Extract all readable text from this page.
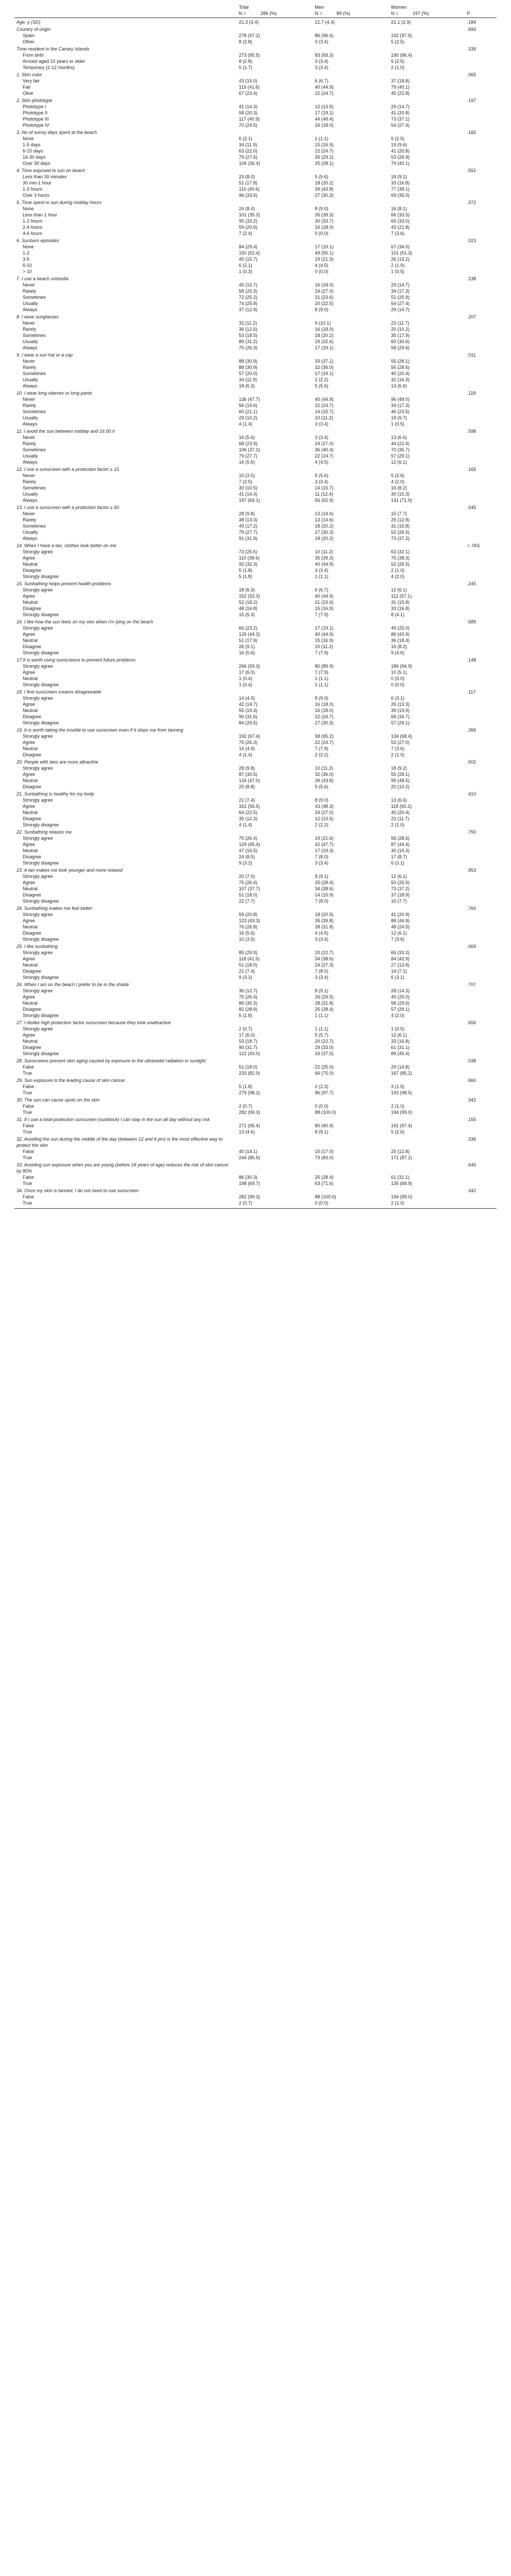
	Total	Men	Women	
	N = 286 (%)	N = 89 (%)	N = 197 (%)	P
Age, y (SD)	21.3 (3.4)	21.7 (4.4)	21.1 (2.9)	.184
Country of origin				.693
Spain	278 (97.2)	86 (96.6)	192 (97.5)	
Other	8 (2.8)	3 (3.4)	5 (2.5)	
Time resident in the Canary Islands				.339
From birth	273 (95.5)	83 (93.3)	190 (96.4)	
Arrived aged 10 years or older	8 (2.8)	3 (3.4)	5 (2.5)	
Temporary (2-12 months)	5 (1.7)	3 (3.4)	2 (1.0)	
1. Skin color				.065
Very fair	43 (15.0)	6 (6.7)	37 (18.8)	
Fair	119 (41.6)	40 (44.9)	79 (40.1)	
Olive	67 (23.4)	22 (24.7)	45 (22.8)	
2. Skin phototype				.197
Phototype I	41 (14.3)	12 (13.5)	29 (14.7)	
Phototype II	58 (20.3)	17 (19.1)	41 (20.8)	
Phototype III	117 (40.9)	44 (49.4)	73 (37.1)	
Phototype IV	70 (24.5)	16 (18.0)	54 (27.4)	
3. No of sunny days spent at the beach				.182
None	6 (2.1)	1 (1.1)	5 (2.5)	
1-5 days	34 (11.9)	15 (16.9)	19 (9.6)	
6-15 days	63 (22.0)	22 (24.7)	41 (20.8)	
16-30 days	79 (27.6)	26 (29.2)	53 (26.9)	
Over 30 days	104 (36.4)	25 (28.1)	79 (40.1)	
4. Time exposed to sun on beach				.552
Less than 30 minutes	23 (8.0)	5 (5.6)	18 (9.1)	
30 min-1 hour	51 (17.8)	18 (20.2)	33 (16.8)	
1-3 hours	116 (40.6)	39 (43.8)	77 (39.1)	
Over 3 hours	96 (33.6)	27 (30.3)	69 (35.0)	
5. Time spent in sun during midday hours				.372
None	24 (8.4)	8 (9.0)	16 (8.1)	
Less than 1 hour	101 (35.3)	35 (39.3)	66 (33.5)	
1-2 hours	95 (33.2)	30 (33.7)	65 (33.0)	
2-4 hours	59 (20.6)	16 (18.0)	43 (21.8)	
4-6 hours	7 (2.4)	0 (0.0)	7 (3.6)	
6. Sunburn episodes				.023
None	84 (29.4)	17 (19.1)	67 (34.0)	
1-2	150 (52.4)	49 (55.1)	101 (51.3)	
3-5	45 (15.7)	19 (21.3)	26 (13.2)	
6-10	6 (2.1)	4 (4.5)	2 (1.0)	
> 10	1 (0.3)	0 (0.0)	1 (0.5)	
7. I use a beach umbrella				.238
Never	45 (15.7)	16 (18.0)	29 (14.7)	
Rarely	58 (20.3)	24 (27.0)	34 (17.3)	
Sometimes	72 (25.2)	21 (23.6)	51 (25.9)	
Usually	74 (25.9)	20 (22.5)	54 (27.4)	
Always	37 (12.9)	8 (9.0)	29 (14.7)	
8. I wear sunglasses				.207
Never	32 (11.2)	9 (10.1)	23 (11.7)	
Rarely	36 (12.6)	16 (18.0)	20 (10.2)	
Sometimes	53 (18.5)	18 (20.2)	35 (17.9)	
Usually	89 (31.2)	29 (32.6)	60 (30.6)	
Always	75 (26.3)	17 (19.1)	58 (29.6)	
9. I wear a sun hat or a cap				.011
Never	88 (30.9)	33 (37.1)	55 (28.1)	
Rarely	88 (30.9)	32 (36.0)	56 (28.6)	
Sometimes	57 (20.0)	17 (19.1)	40 (20.4)	
Usually	34 (11.9)	2 (2.2)	32 (16.3)	
Always	18 (6.3)	5 (5.6)	13 (6.6)	
10. I wear long sleeves or long pants				.118
Never	136 (47.7)	40 (44.9)	96 (49.0)	
Rarely	56 (19.6)	22 (24.7)	34 (17.3)	
Sometimes	60 (21.1)	14 (15.7)	46 (23.5)	
Usually	29 (10.2)	10 (11.2)	19 (9.7)	
Always	4 (1.4)	3 (3.4)	1 (0.5)	
11. I avoid the sun between midday and 16.00 h				.598
Never	16 (5.6)	3 (3.4)	13 (6.6)	
Rarely	68 (23.9)	24 (27.0)	44 (22.4)	
Sometimes	106 (37.2)	36 (40.4)	70 (35.7)	
Usually	79 (27.7)	22 (24.7)	57 (29.1)	
Always	16 (5.6)	4 (4.5)	12 (6.1)	
12. I use a sunscreen with a protection factor ≥ 15				.165
Never	10 (3.5)	5 (5.6)	5 (2.6)	
Rarely	7 (2.5)	3 (3.4)	4 (2.0)	
Sometimes	30 (10.5)	14 (15.7)	16 (8.2)	
Usually	41 (14.4)	11 (12.4)	30 (15.3)	
Always	197 (69.1)	56 (62.9)	141 (71.9)	
13. I use a sunscreen with a protection factor ≥ 50				.045
Never	28 (9.8)	13 (14.6)	15 (7.7)	
Rarely	38 (13.3)	13 (14.6)	25 (12.8)	
Sometimes	49 (17.2)	18 (20.2)	31 (15.8)	
Usually	79 (27.7)	27 (30.3)	52 (26.5)	
Always	91 (31.9)	18 (20.2)	73 (37.2)	
14. When I have a tan, clothes look better on me				< .001
Strongly agree	73 (25.6)	10 (11.2)	63 (32.1)	
Agree	110 (38.6)	35 (39.3)	75 (38.3)	
Neutral	92 (32.3)	40 (44.9)	52 (26.5)	
Disagree	5 (1.8)	3 (3.4)	2 (1.0)	
Strongly disagree	5 (1.8)	1 (1.1)	4 (2.0)	
15. Sunbathing helps prevent health problems				.245
Strongly agree	18 (6.3)	6 (6.7)	12 (6.1)	
Agree	152 (53.3)	40 (44.9)	112 (57.1)	
Neutral	52 (18.2)	21 (23.6)	31 (15.8)	
Disagree	48 (16.8)	15 (16.9)	33 (16.8)	
Strongly disagree	15 (5.3)	7 (7.9)	8 (4.1)	
16. I like how the sun feels on my skin when I'm lying on the beach				.589
Strongly agree	66 (23.2)	17 (19.1)	49 (25.0)	
Agree	126 (44.2)	40 (44.9)	86 (43.9)	
Neutral	51 (17.9)	15 (16.9)	36 (18.4)	
Disagree	26 (9.1)	10 (11.2)	16 (8.2)	
Strongly disagree	16 (5.6)	7 (7.9)	9 (4.6)	
17.It is worth using sunscreens to prevent future problems				.148
Strongly agree	266 (93.3)	80 (89.9)	186 (94.9)	
Agree	17 (6.0)	7 (7.9)	10 (5.1)	
Neutral	1 (0.4)	1 (1.1)	0 (0.0)	
Strongly disagree	1 (0.4)	1 (1.1)	0 (0.0)	
18. I find sunscreen creams disagreeable				.117
Strongly agree	14 (4.9)	8 (9.0)	6 (3.1)	
Agree	42 (14.7)	16 (18.0)	26 (13.3)	
Neutral	55 (19.3)	16 (18.0)	39 (19.9)	
Disagree	90 (31.6)	22 (24.7)	68 (34.7)	
Strongly disagree	84 (29.5)	27 (30.3)	57 (29.1)	
19. It is worth taking the trouble to use sunscreen even if it stops me from tanning				.366
Strongly agree	192 (67.4)	58 (65.2)	134 (68.4)	
Agree	75 (26.3)	22 (24.7)	53 (27.0)	
Neutral	14 (4.9)	7 (7.9)	7 (3.6)	
Disagree	4 (1.4)	2 (2.2)	2 (1.0)	
20. People with tans are more attractive				.502
Strongly agree	28 (9.8)	10 (11.2)	18 (9.2)	
Agree	87 (30.5)	32 (36.0)	55 (28.1)	
Neutral	134 (47.0)	39 (43.8)	95 (48.5)	
Disagree	25 (8.8)	5 (5.6)	20 (10.2)	
21. Sunbathing is healthy for my body				.410
Strongly agree	21 (7.4)	8 (9.0)	13 (6.6)	
Agree	161 (56.5)	43 (48.3)	118 (60.2)	
Neutral	64 (22.5)	24 (27.0)	40 (20.4)	
Disagree	35 (12.3)	12 (13.5)	23 (11.7)	
Strongly disagree	4 (1.4)	2 (2.2)	2 (1.0)	
22. Sunbathing relaxes me				.750
Strongly agree	75 (26.4)	19 (21.6)	56 (28.6)	
Agree	129 (45.4)	42 (47.7)	87 (44.4)	
Neutral	47 (16.5)	17 (19.3)	30 (15.3)	
Disagree	24 (8.5)	7 (8.0)	17 (8.7)	
Strongly disagree	9 (3.2)	3 (3.4)	6 (3.1)	
23. A tan makes me look younger and more relaxed				.953
Strongly agree	20 (7.0)	8 (9.1)	12 (6.1)	
Agree	75 (26.4)	25 (28.4)	50 (25.5)	
Neutral	107 (37.7)	34 (38.6)	73 (37.2)	
Disagree	51 (18.0)	14 (15.9)	37 (18.9)	
Strongly disagree	22 (7.7)	7 (8.0)	15 (7.7)	
24. Sunbathing makes me feel better				.760
Strongly agree	59 (20.8)	18 (20.5)	41 (20.9)	
Agree	123 (43.3)	35 (39.8)	88 (44.9)	
Neutral	76 (26.8)	28 (31.8)	48 (24.5)	
Disagree	16 (5.6)	4 (4.5)	12 (6.1)	
Strongly disagree	10 (3.5)	3 (3.4)	7 (3.6)	
25. I like sunbathing				.069
Strongly agree	85 (29.9)	20 (22.7)	65 (33.2)	
Agree	118 (41.5)	34 (38.6)	84 (42.9)	
Neutral	51 (18.0)	24 (27.3)	27 (13.8)	
Disagree	21 (7.4)	7 (8.0)	14 (7.1)	
Strongly disagree	9 (3.2)	3 (3.4)	6 (3.1)	
26. When I am on the beach I prefer to be in the shade				.707
Strongly agree	36 (12.7)	8 (9.1)	28 (14.3)	
Agree	75 (26.4)	26 (29.5)	49 (25.0)	
Neutral	86 (30.3)	28 (31.8)	58 (29.6)	
Disagree	82 (28.9)	25 (28.4)	57 (29.1)	
Strongly disagree	5 (1.8)	1 (1.1)	4 (2.0)	
27. I dislike high protection factor sunscreen because they look unattractive				.656
Strongly agree	2 (0.7)	1 (1.1)	1 (0.5)	
Agree	17 (6.0)	5 (5.7)	12 (6.1)	
Neutral	53 (18.7)	20 (22.7)	33 (16.8)	
Disagree	90 (31.7)	29 (33.0)	61 (31.1)	
Strongly disagree	122 (43.0)	33 (37.5)	89 (45.4)	
28. Sunscreens prevent skin aging caused by exposure to the ultraviolet radiation in sunlight				.038
False	51 (18.0)	22 (25.0)	29 (14.8)	
True	233 (82.0)	66 (75.0)	167 (85.2)	
29. Sun exposure is the leading cause of skin cancer				.660
False	5 (1.8)	2 (2.3)	3 (1.5)	
True	279 (98.2)	86 (97.7)	193 (98.5)	
30. The sun can cause spots on the skin				.342
False	2 (0.7)	0 (0.0)	2 (1.0)	
True	282 (99.3)	88 (100.0)	194 (99.0)	
31. If I use a total-protection sunscreen (sunblock) I can stay in the sun all day without any risk				.155
False	271 (95.4)	80 (90.9)	191 (97.4)	
True	13 (4.6)	8 (9.1)	5 (2.6)	
32. Avoiding the sun during the middle of the day (between 12 and 4 pm) is the most effective way to protect the skin				.336
False	40 (14.1)	15 (17.0)	25 (12.8)	
True	244 (85.9)	73 (83.0)	171 (87.2)	
33. Avoiding sun exposure when you are young (before 18 years of age) reduces the risk of skin cancer by 80%				.645
False	86 (30.3)	25 (28.4)	61 (31.1)	
True	198 (69.7)	63 (71.6)	135 (68.9)	
34. Once my skin is tanned, I do not need to use sunscreen				.342
False	282 (99.3)	88 (100.0)	194 (99.0)	
True	2 (0.7)	0 (0.0)	2 (1.0)	
